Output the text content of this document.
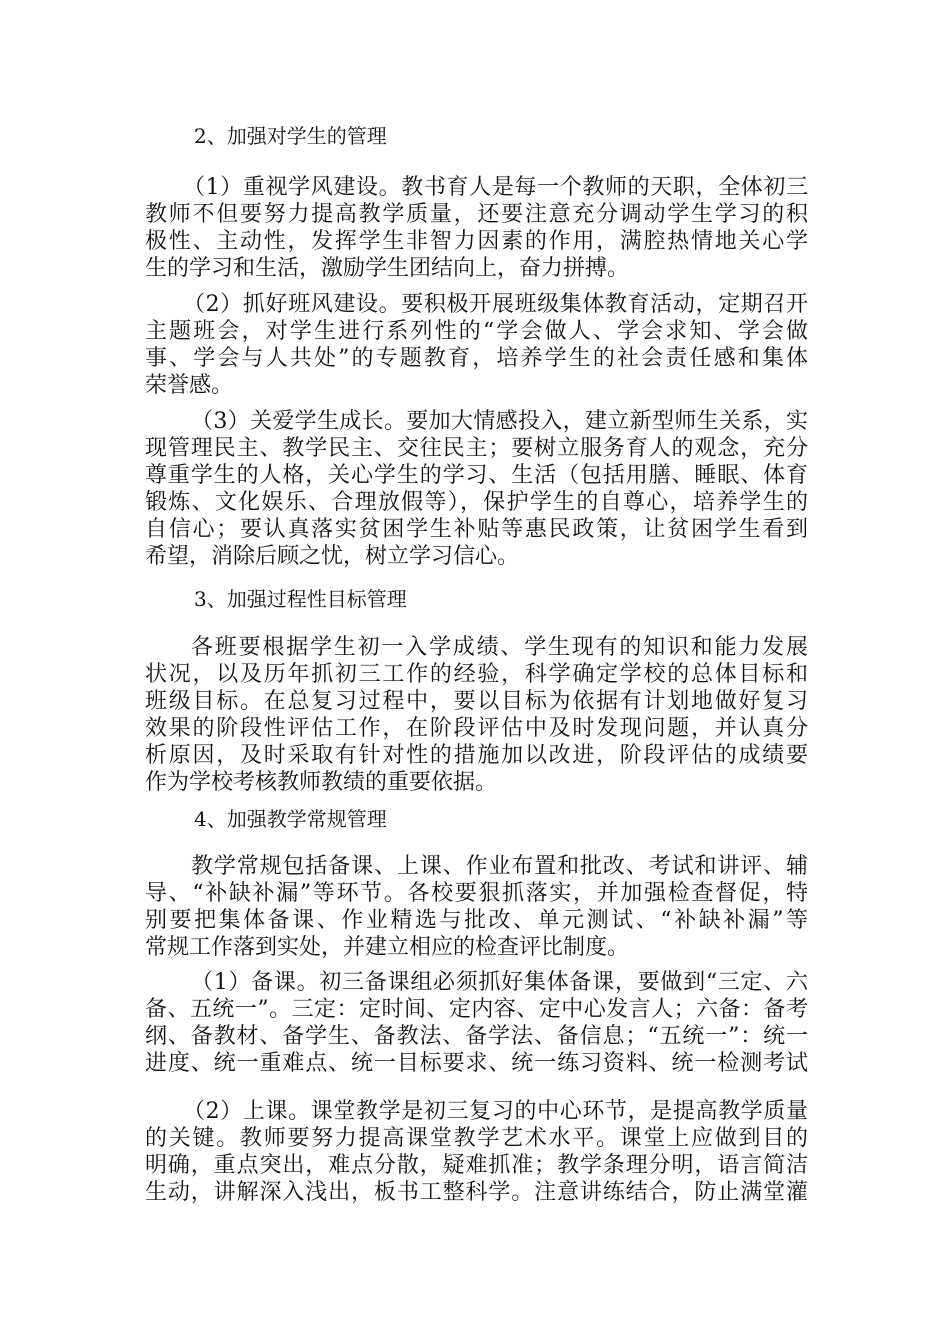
2、加强对学生的管理

（1）重视学风建设。教书育人是每一个教师的天职，全体初三
教师不但要努力提高教学质量，还要注意充分调动学生学习的积
极性、主动性，发挥学生非智力因素的作用，满腔热情地关心学
生的学习和生活，激励学生团结向上，奋力拼搏。
（2）抓好班风建设。要积极开展班级集体教育活动，定期召开
主题班会，对学生进行系列性的“学会做人、学会求知、学会做
事、学会与人共处”的专题教育，培养学生的社会责任感和集体
荣誉感。
（3）关爱学生成长。要加大情感投入，建立新型师生关系，实
现管理民主、教学民主、交往民主；要树立服务育人的观念，充分
尊重学生的人格，关心学生的学习、生活（包括用膳、睡眠、体育
锻炼、文化娱乐、合理放假等），保护学生的自尊心，培养学生的
自信心；要认真落实贫困学生补贴等惠民政策，让贫困学生看到
希望，消除后顾之忧，树立学习信心。

3、加强过程性目标管理

各班要根据学生初一入学成绩、学生现有的知识和能力发展
状况，以及历年抓初三工作的经验，科学确定学校的总体目标和
班级目标。在总复习过程中，要以目标为依据有计划地做好复习
效果的阶段性评估工作，在阶段评估中及时发现问题，并认真分
析原因，及时采取有针对性的措施加以改进，阶段评估的成绩要
作为学校考核教师教绩的重要依据。

4、加强教学常规管理

教学常规包括备课、上课、作业布置和批改、考试和讲评、辅
导、“补缺补漏”等环节。各校要狠抓落实，并加强检查督促，特
别要把集体备课、作业精选与批改、单元测试、“补缺补漏”等
常规工作落到实处，并建立相应的检查评比制度。
（1）备课。初三备课组必须抓好集体备课，要做到“三定、六
备、五统一”。三定：定时间、定内容、定中心发言人；六备：备考
纲、备教材、备学生、备教法、备学法、备信息；“五统一”：统一
进度、统一重难点、统一目标要求、统一练习资料、统一检测考试
（2）上课。课堂教学是初三复习的中心环节，是提高教学质量
的关键。教师要努力提高课堂教学艺术水平。课堂上应做到目的
明确，重点突出，难点分散，疑难抓准；教学条理分明，语言简洁
生动，讲解深入浅出，板书工整科学。注意讲练结合，防止满堂灌
